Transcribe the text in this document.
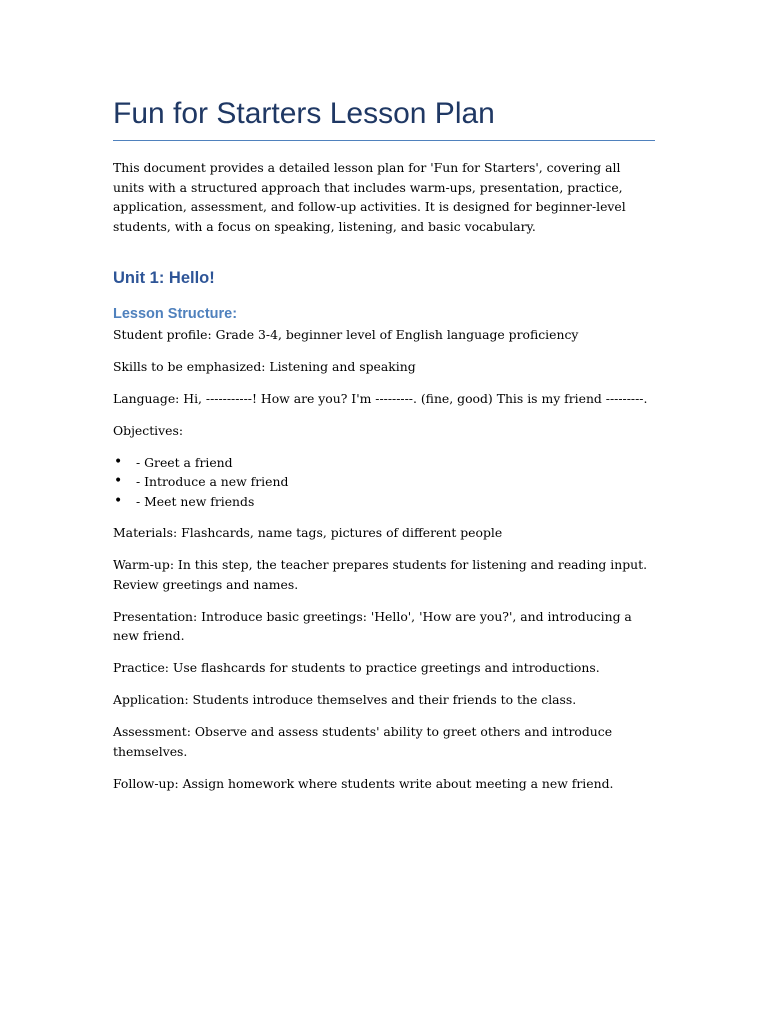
Fun for Starters Lesson Plan

This document provides a detailed lesson plan for 'Fun for Starters', covering all units with a structured approach that includes warm-ups, presentation, practice, application, assessment, and follow-up activities. It is designed for beginner-level students, with a focus on speaking, listening, and basic vocabulary.

Unit 1: Hello!
Lesson Structure:

Student profile: Grade 3-4, beginner level of English language proficiency

Skills to be emphasized: Listening and speaking

Language: Hi, -----------! How are you? I'm ---------. (fine, good) This is my friend ---------.

Objectives:

• - Greet a friend
• - Introduce a new friend
• - Meet new friends

Materials: Flashcards, name tags, pictures of different people

Warm-up: In this step, the teacher prepares students for listening and reading input. Review greetings and names.

Presentation: Introduce basic greetings: 'Hello', 'How are you?', and introducing a new friend.

Practice: Use flashcards for students to practice greetings and introductions.

Application: Students introduce themselves and their friends to the class.

Assessment: Observe and assess students' ability to greet others and introduce themselves.

Follow-up: Assign homework where students write about meeting a new friend.
